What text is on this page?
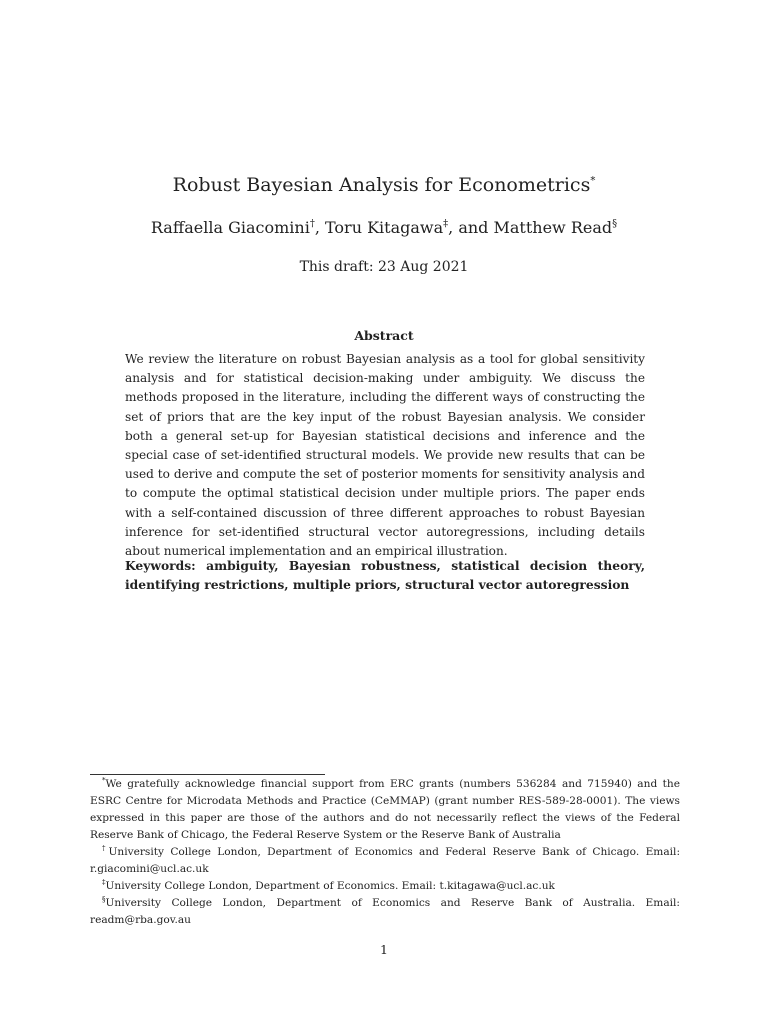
Robust Bayesian Analysis for Econometrics*
Raffaella Giacomini†, Toru Kitagawa‡, and Matthew Read§
This draft: 23 Aug 2021
Abstract
We review the literature on robust Bayesian analysis as a tool for global sensitivity analysis and for statistical decision-making under ambiguity. We discuss the methods proposed in the literature, including the different ways of constructing the set of priors that are the key input of the robust Bayesian analysis. We consider both a general set-up for Bayesian statistical decisions and inference and the special case of set-identified structural models. We provide new results that can be used to derive and compute the set of posterior moments for sensitivity analysis and to compute the optimal statistical decision under multiple priors. The paper ends with a self-contained discussion of three different approaches to robust Bayesian inference for set-identified structural vector autoregressions, including details about numerical implementation and an empirical illustration.
Keywords: ambiguity, Bayesian robustness, statistical decision theory, identifying restrictions, multiple priors, structural vector autoregression

*We gratefully acknowledge financial support from ERC grants (numbers 536284 and 715940) and the ESRC Centre for Microdata Methods and Practice (CeMMAP) (grant number RES-589-28-0001). The views expressed in this paper are those of the authors and do not necessarily reflect the views of the Federal Reserve Bank of Chicago, the Federal Reserve System or the Reserve Bank of Australia

†University College London, Department of Economics and Federal Reserve Bank of Chicago. Email: r.giacomini@ucl.ac.uk

‡University College London, Department of Economics. Email: t.kitagawa@ucl.ac.uk

§University College London, Department of Economics and Reserve Bank of Australia. Email: readm@rba.gov.au

1
